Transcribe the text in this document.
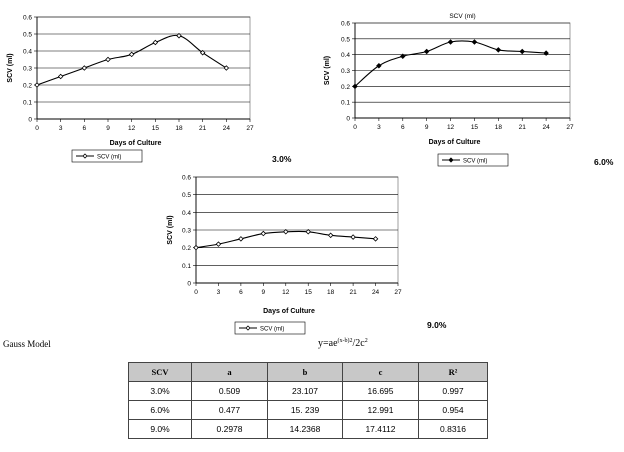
0
0.1
0.2
0.3
0.4
0.5
0.6
0	3	6	9	12	15	18	21	24	27
Days of Culture
SCV (ml)
SCV (ml)	3.0%
0
0.1
0.2
0.3
0.4
0.5
0.6
0	3	6	9	12	15	18	21	24	27
SCV (ml)
Days of Culture
SCV (ml)
SCV (ml)	6.0%
0
0.1
0.2
0.3
0.4
0.5
0.6
0	3	6	9	12 15 18 21 24 27
Days of Culture
SCV (ml)
SCV (ml)	9.0%
Gauss Model	$y=ae^{(x-b)2}/2c^2$
SCV	a	b	c	R²
3.0%	0.509	23.107	16.695	0.997
6.0%	0.477	15. 239	12.991	0.954
9.0%	0.2978	14.2368	17.4112	0.8316
